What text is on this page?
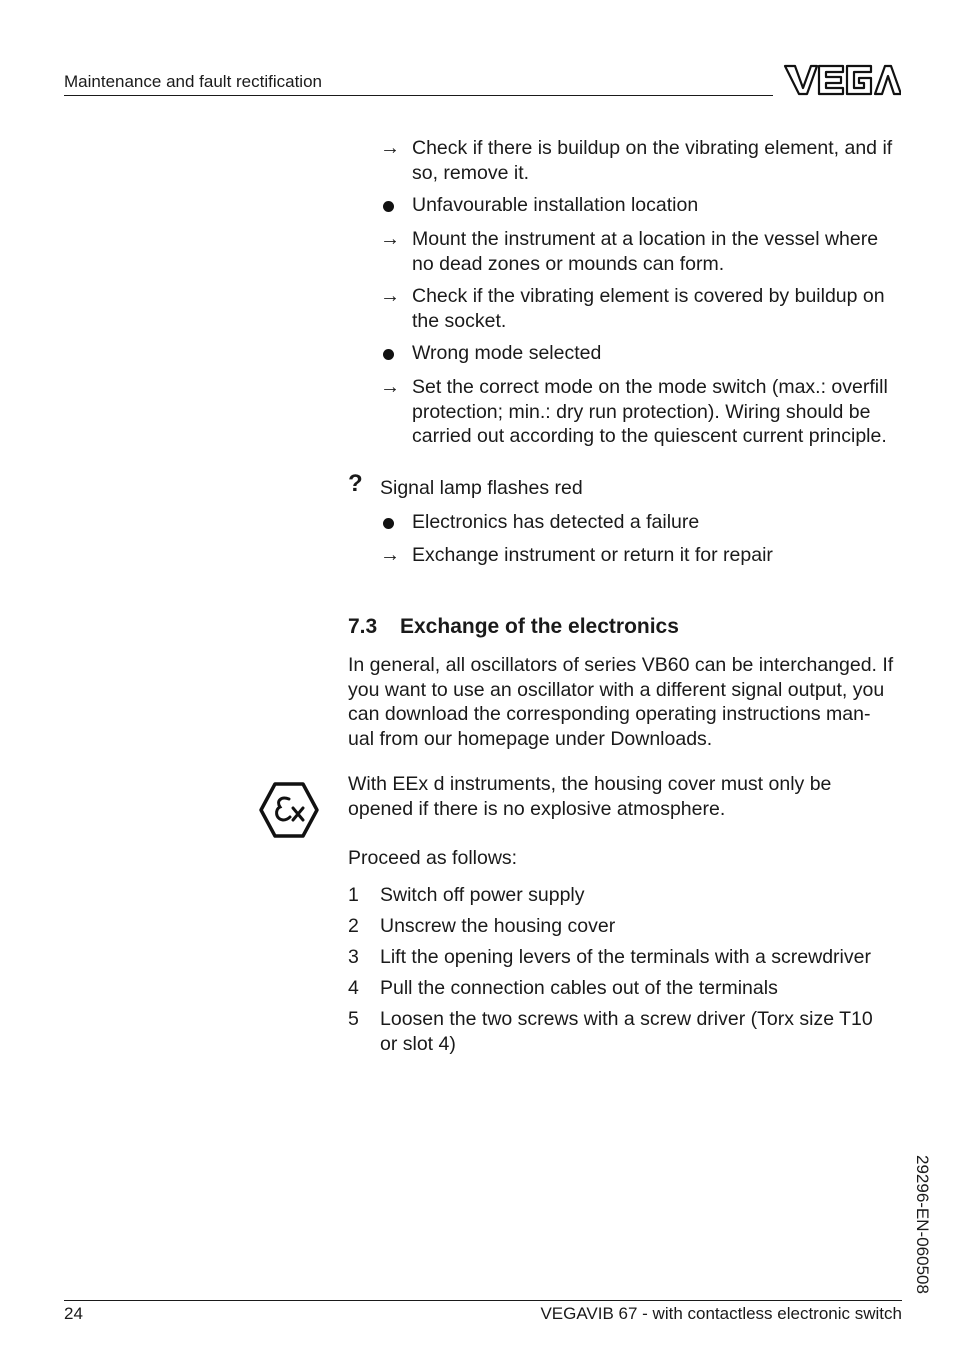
Maintenance and fault rectification
VEGA
→ Check if there is buildup on the vibrating element, and if
so, remove it.
Unfavourable installation location
→ Mount the instrument at a location in the vessel where
no dead zones or mounds can form.
→ Check if the vibrating element is covered by buildup on
the socket.
Wrong mode selected
→ Set the correct mode on the mode switch (max.: overfill
protection; min.: dry run protection). Wiring should be
carried out according to the quiescent current principle.
? Signal lamp flashes red
Electronics has detected a failure
→ Exchange instrument or return it for repair
7.3 Exchange of the electronics
In general, all oscillators of series VB60 can be interchanged. If
you want to use an oscillator with a different signal output, you
can download the corresponding operating instructions man-
ual from our homepage under Downloads.
With EEx d instruments, the housing cover must only be
opened if there is no explosive atmosphere.
Proceed as follows:
1 Switch off power supply
2 Unscrew the housing cover
3 Lift the opening levers of the terminals with a screwdriver
4 Pull the connection cables out of the terminals
5 Loosen the two screws with a screw driver (Torx size T10
or slot 4)
29296-EN-060508
24	VEGAVIB 67 - with contactless electronic switch
